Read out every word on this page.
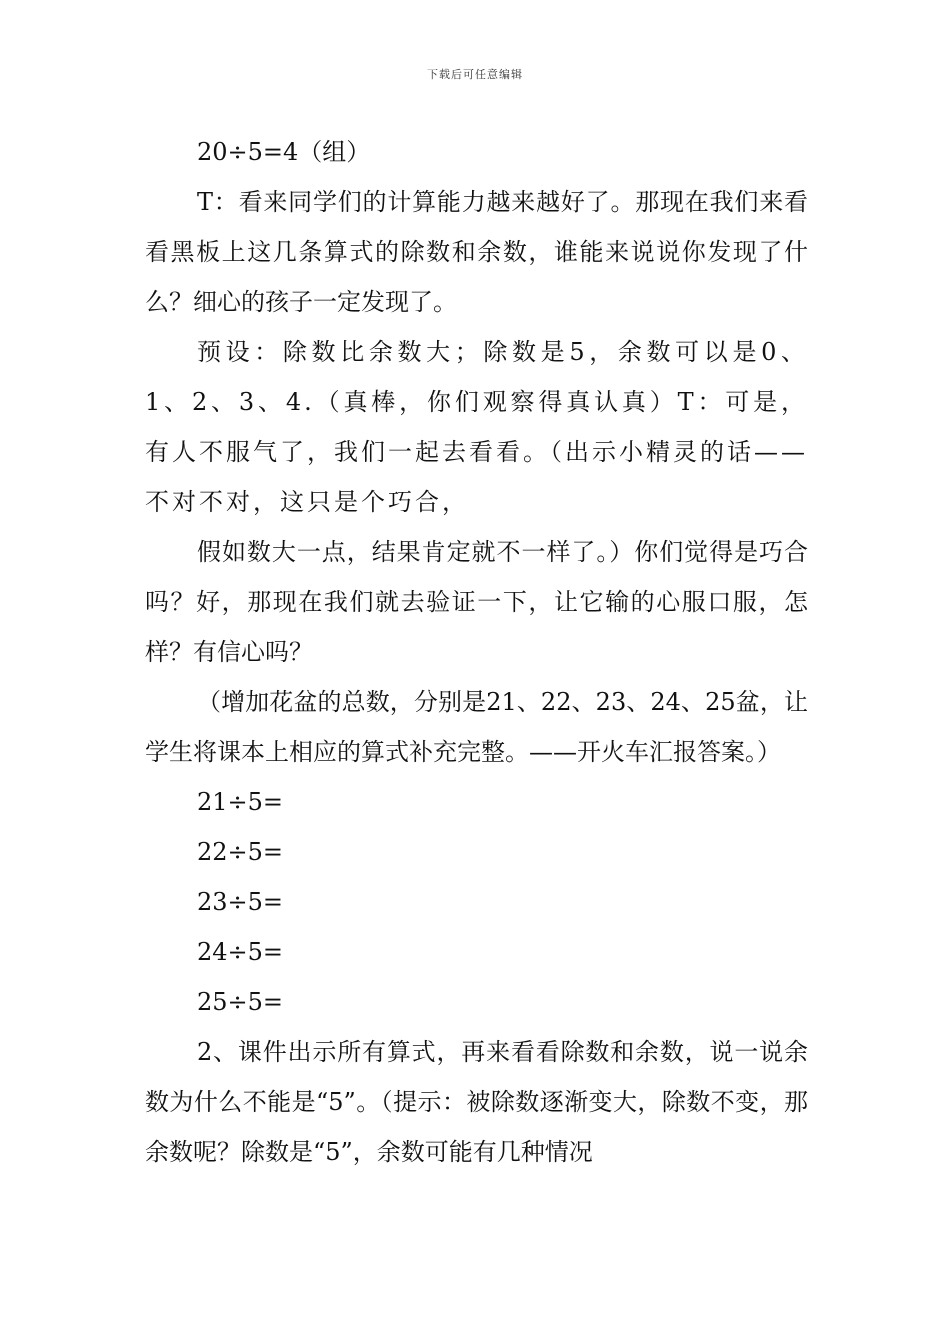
下载后可任意编辑

20÷5=4（组）

T：看来同学们的计算能力越来越好了。那现在我们来看看黑板上这几条算式的除数和余数，谁能来说说你发现了什么？细心的孩子一定发现了。

预设：除数比余数大；除数是5，余数可以是0、1、2、3、4.（真棒，你们观察得真认真）T：可是，有人不服气了，我们一起去看看。（出示小精灵的话——不对不对，这只是个巧合，

假如数大一点，结果肯定就不一样了。）你们觉得是巧合吗？好，那现在我们就去验证一下，让它输的心服口服，怎样？有信心吗？

（增加花盆的总数，分别是21、22、23、24、25盆，让学生将课本上相应的算式补充完整。——开火车汇报答案。）

21÷5=

22÷5=

23÷5=

24÷5=

25÷5=

2、课件出示所有算式，再来看看除数和余数，说一说余数为什么不能是“5”。（提示：被除数逐渐变大，除数不变，那余数呢？除数是“5”，余数可能有几种情况
